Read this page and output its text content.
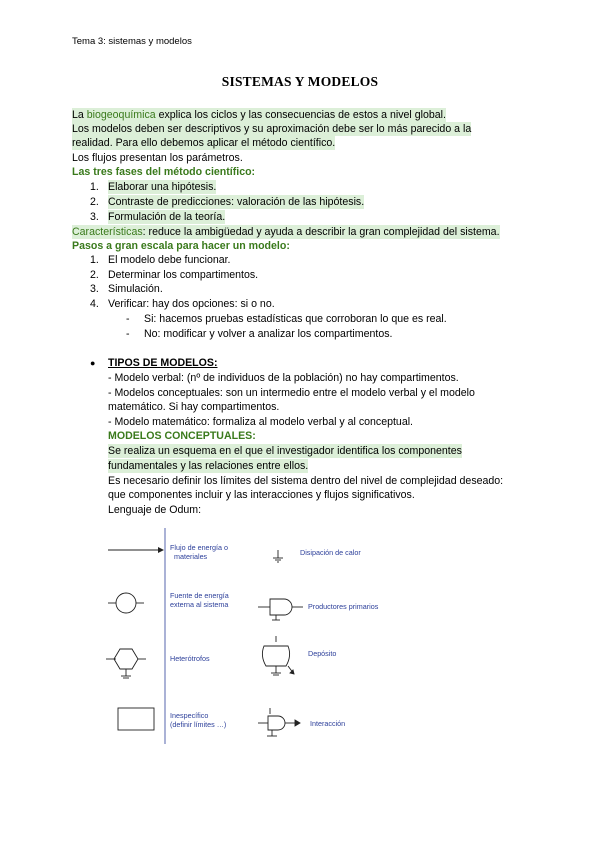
Tema 3: sistemas y modelos
SISTEMAS Y MODELOS
La biogeoquímica explica los ciclos y las consecuencias de estos a nivel global.
Los modelos deben ser descriptivos y su aproximación debe ser lo más parecido a la
realidad. Para ello debemos aplicar el método científico.
Los flujos presentan los parámetros.
Las tres fases del método científico:
1. Elaborar una hipótesis.
2. Contraste de predicciones: valoración de las hipótesis.
3. Formulación de la teoría.
Características: reduce la ambigüedad y ayuda a describir la gran complejidad del sistema.
Pasos a gran escala para hacer un modelo:
1. El modelo debe funcionar.
2. Determinar los compartimentos.
3. Simulación.
4. Verificar: hay dos opciones: si o no.
- Si: hacemos pruebas estadísticas que corroboran lo que es real.
- No: modificar y volver a analizar los compartimentos.
● TIPOS DE MODELOS:
- Modelo verbal: (nº de individuos de la población) no hay compartimentos.
- Modelos conceptuales: son un intermedio entre el modelo verbal y el modelo
matemático. Si hay compartimentos.
- Modelo matemático: formaliza al modelo verbal y al conceptual.
MODELOS CONCEPTUALES:
Se realiza un esquema en el que el investigador identifica los componentes
fundamentales y las relaciones entre ellos.
Es necesario definir los límites del sistema dentro del nivel de complejidad deseado:
que componentes incluir y las interacciones y flujos significativos.
Lenguaje de Odum:
Flujo de energía o
materiales	Disipación de calor
Fuente de energía
externa al sistema	Productores primarios
Heterótrofos
Depósito
Inespecífico
(definir límites …)	Interacción
